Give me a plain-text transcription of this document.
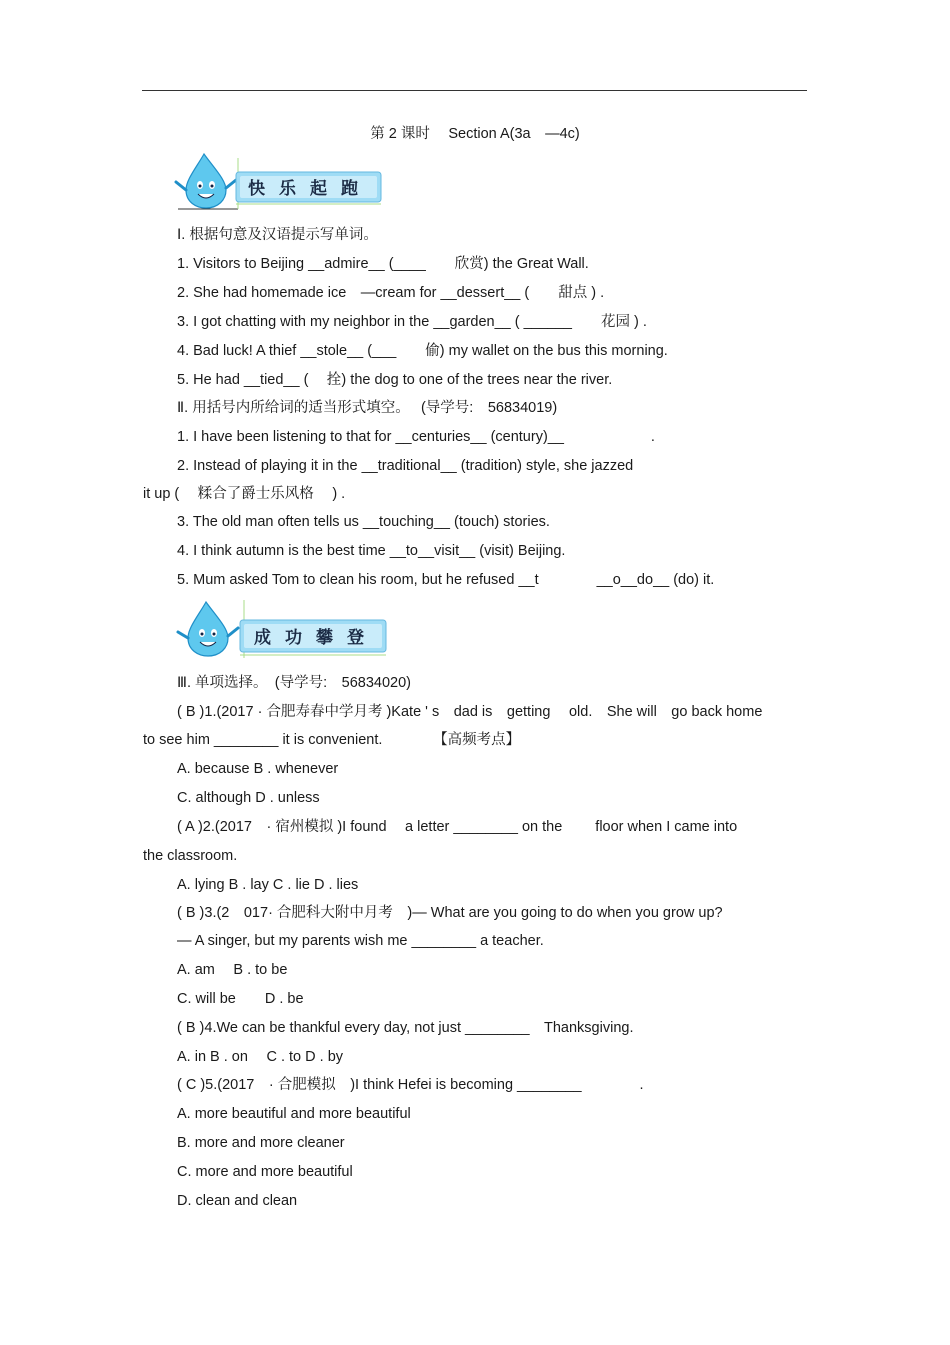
第 2 课时　 Section A(3a　—4c)
快 乐 起 跑
Ⅰ. 根据句意及汉语提示写单词。
1. Visitors to Beijing __admire__ (____　　欣赏) the Great Wall.
2. She had homemade ice　—cream for __dessert__ (　　甜点 ) .
3. I got chatting with my neighbor in the __garden__ ( ______　　花园 ) .
4. Bad luck! A thief __stole__ (___　　偷) my wallet on the bus this morning.
5. He had __tied__ (　 拴) the dog to one of the trees near the river.
Ⅱ. 用括号内所给词的适当形式填空。　 (导学号:　56834019)
1. I have been listening to that for __centuries__ (century)__　　　　　　.
2. Instead of playing it in the __traditional__ (tradition) style, she jazzed
it up (　 糅合了爵士乐风格　 ) .
3. The old man often tells us __touching__ (touch) stories.
4. I think autumn is the best time __to__visit__ (visit) Beijing.
5. Mum asked Tom to clean his room, but he refused __t　　　　__o__do__ (do) it.
成 功 攀 登
Ⅲ. 单项选择。　(导学号:　56834020)
( B )1.(2017 · 合肥寿春中学月考 )Kate ' s　dad is　getting　 old.　She will　go back home
to see him ________ it is convenient.　　　　【高频考点】
A. because B . whenever
C. although D . unless
( A )2.(2017　· 宿州模拟 )I found　 a letter ________ on the　　 floor when I came into
the classroom.
A. lying B . lay C . lie D . lies
( B )3.(2　017· 合肥科大附中月考　)— What are you going to do when you grow up?
— A singer, but my parents wish me ________ a teacher.
A. am　 B . to be
C. will be　　D . be
( B )4.We can be thankful every day, not just ________　Thanksgiving.
A. in B . on　 C . to D . by
( C )5.(2017　· 合肥模拟　)I think Hefei is becoming ________　　　　.
A. more beautiful and more beautiful
B. more and more cleaner
C. more and more beautiful
D. clean and clean
